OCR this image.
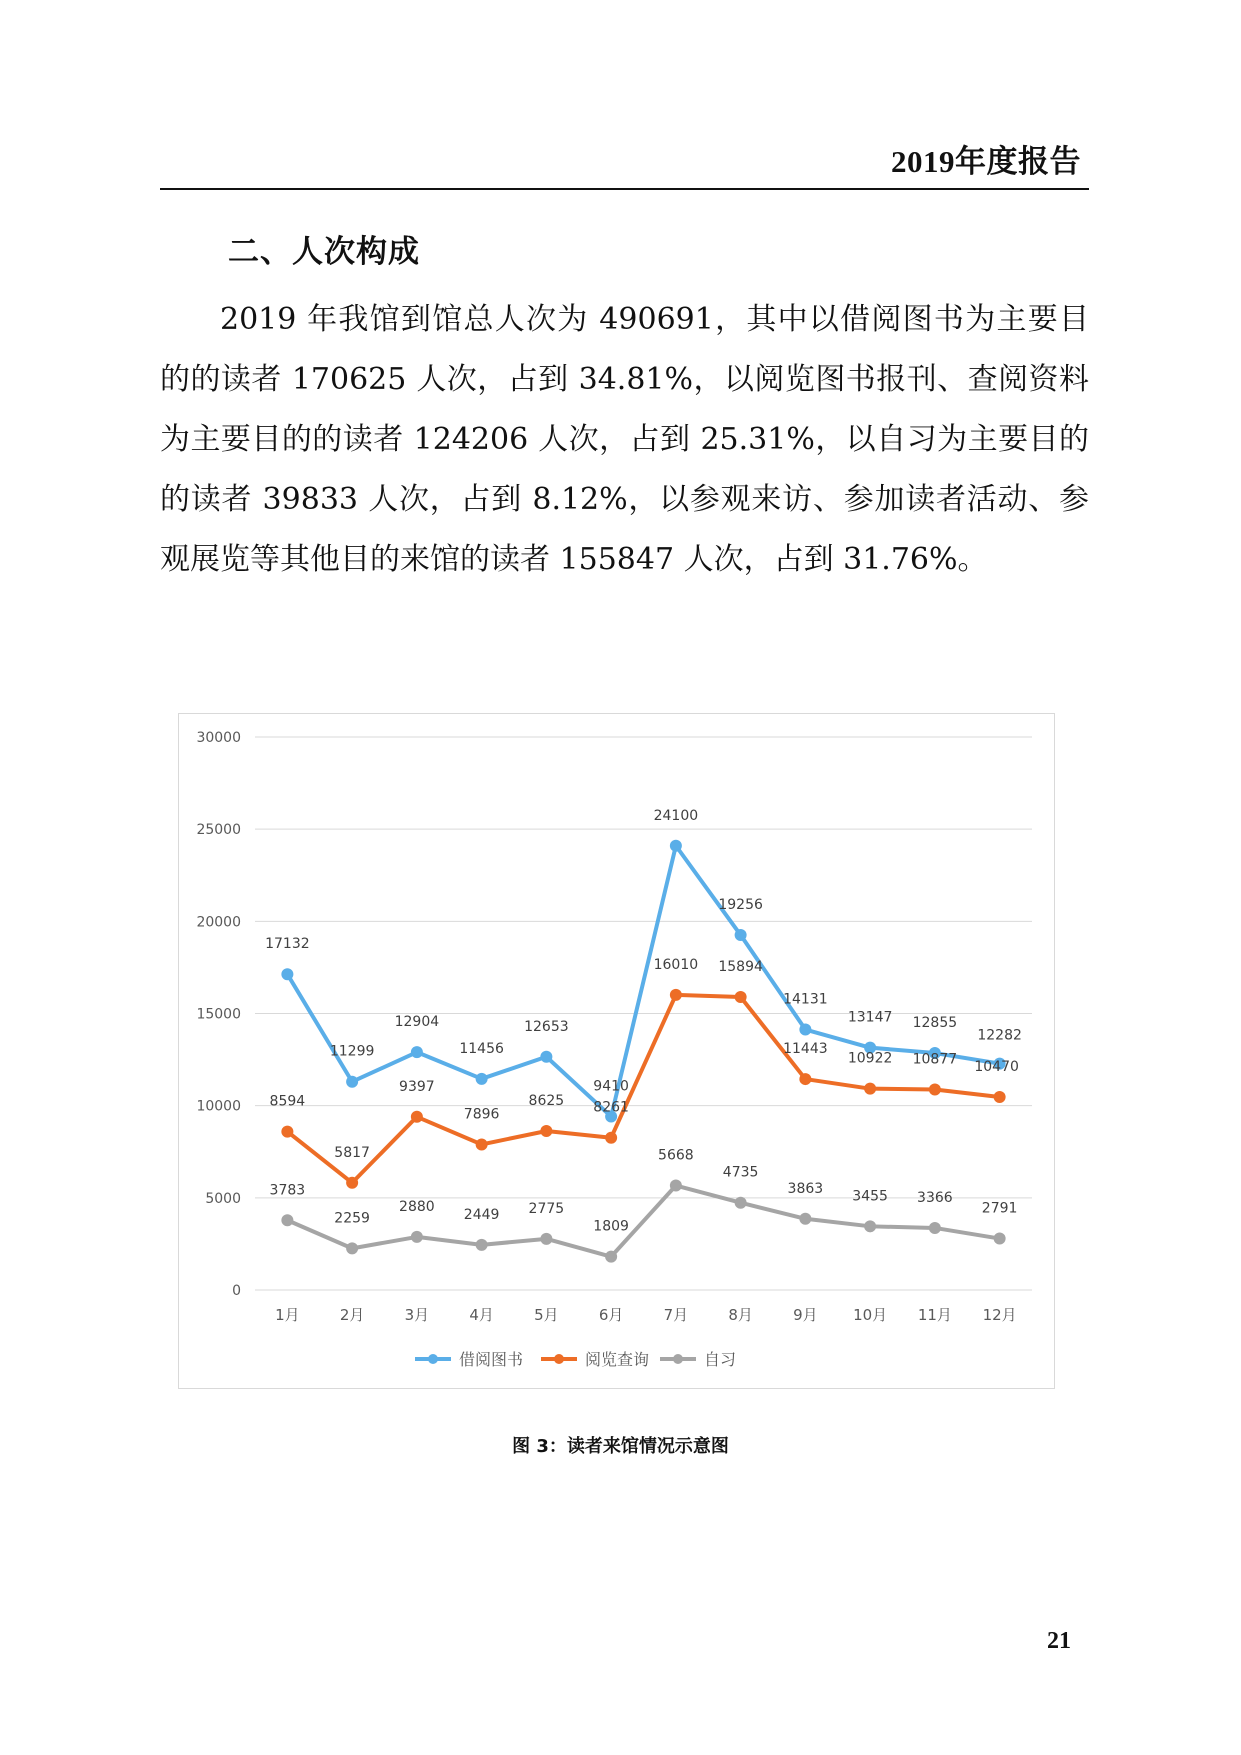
2019年度报告
二、人次构成

2019 年我馆到馆总人次为 490691，其中以借阅图书为主要目的的读者 170625 人次，占到 34.81%，以阅览图书报刊、查阅资料为主要目的的读者 124206 人次，占到 25.31%，以自习为主要目的的读者 39833 人次，占到 8.12%，以参观来访、参加读者活动、参观展览等其他目的来馆的读者 155847 人次，占到 31.76%。

0
5000
10000
15000
20000
25000
30000
1月	2月	3月	4月	5月	6月	7月	8月	9月 10月 11月 12月
17132
11299
12904
11456
12653
9410
24100
19256
14131
13147 12855
12282
8594
5817
9397
7896
8625 8261
16010 15894
11443
10922 10877 10470
3783
2259
2880 2449 2775
1809
5668
4735
3863 3455 3366
2791
借阅图书	阅览查询	自习
图 3：读者来馆情况示意图
21
